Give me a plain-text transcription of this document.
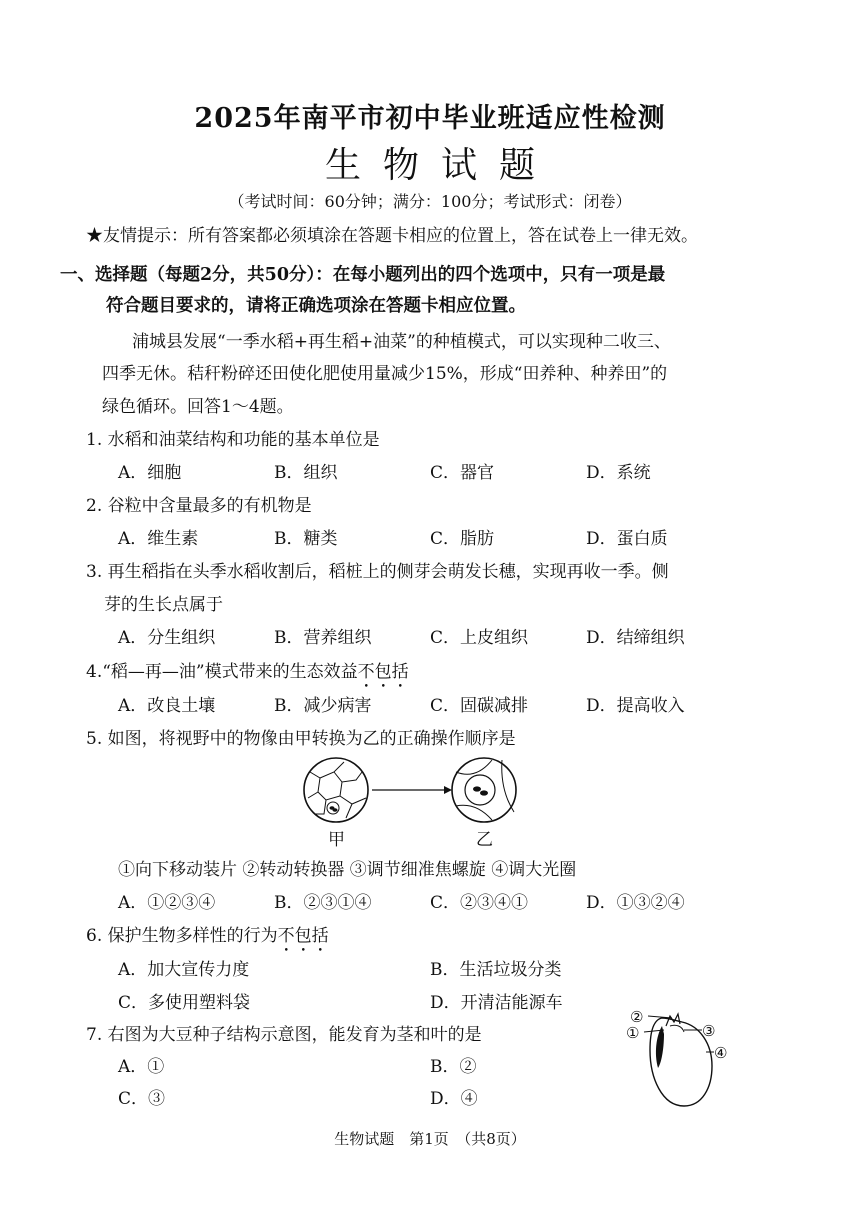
2025年南平市初中毕业班适应性检测
生物试题
（考试时间：60分钟；满分：100分；考试形式：闭卷）
★友情提示：所有答案都必须填涂在答题卡相应的位置上，答在试卷上一律无效。
一、选择题（每题2分，共50分）：在每小题列出的四个选项中，只有一项是最
符合题目要求的，请将正确选项涂在答题卡相应位置。
浦城县发展“一季水稻+再生稻+油菜”的种植模式，可以实现种二收三、
四季无休。秸秆粉碎还田使化肥使用量减少15%，形成“田养种、种养田”的
绿色循环。回答1～4题。
1. 水稻和油菜结构和功能的基本单位是
A．细胞	B．组织	C．器官	D．系统
2. 谷粒中含量最多的有机物是
A．维生素	B．糖类	C．脂肪	D．蛋白质
3. 再生稻指在头季水稻收割后，稻桩上的侧芽会萌发长穗，实现再收一季。侧
芽的生长点属于
A．分生组织	B．营养组织	C．上皮组织	D．结缔组织
4.“稻—再—油”模式带来的生态效益不包括
A．改良土壤	B．减少病害	C．固碳减排	D．提高收入
5. 如图，将视野中的物像由甲转换为乙的正确操作顺序是
甲	乙
①向下移动装片 ②转动转换器 ③调节细准焦螺旋 ④调大光圈
A．①②③④	B．②③①④	C．②③④①	D．①③②④
6. 保护生物多样性的行为不包括
A．加大宣传力度	B．生活垃圾分类
C．多使用塑料袋	D．开清洁能源车
7. 右图为大豆种子结构示意图，能发育为茎和叶的是
A．①	B．②
C．③	D．④
②
①	③
④
生物试题　第1页　（共8页）
